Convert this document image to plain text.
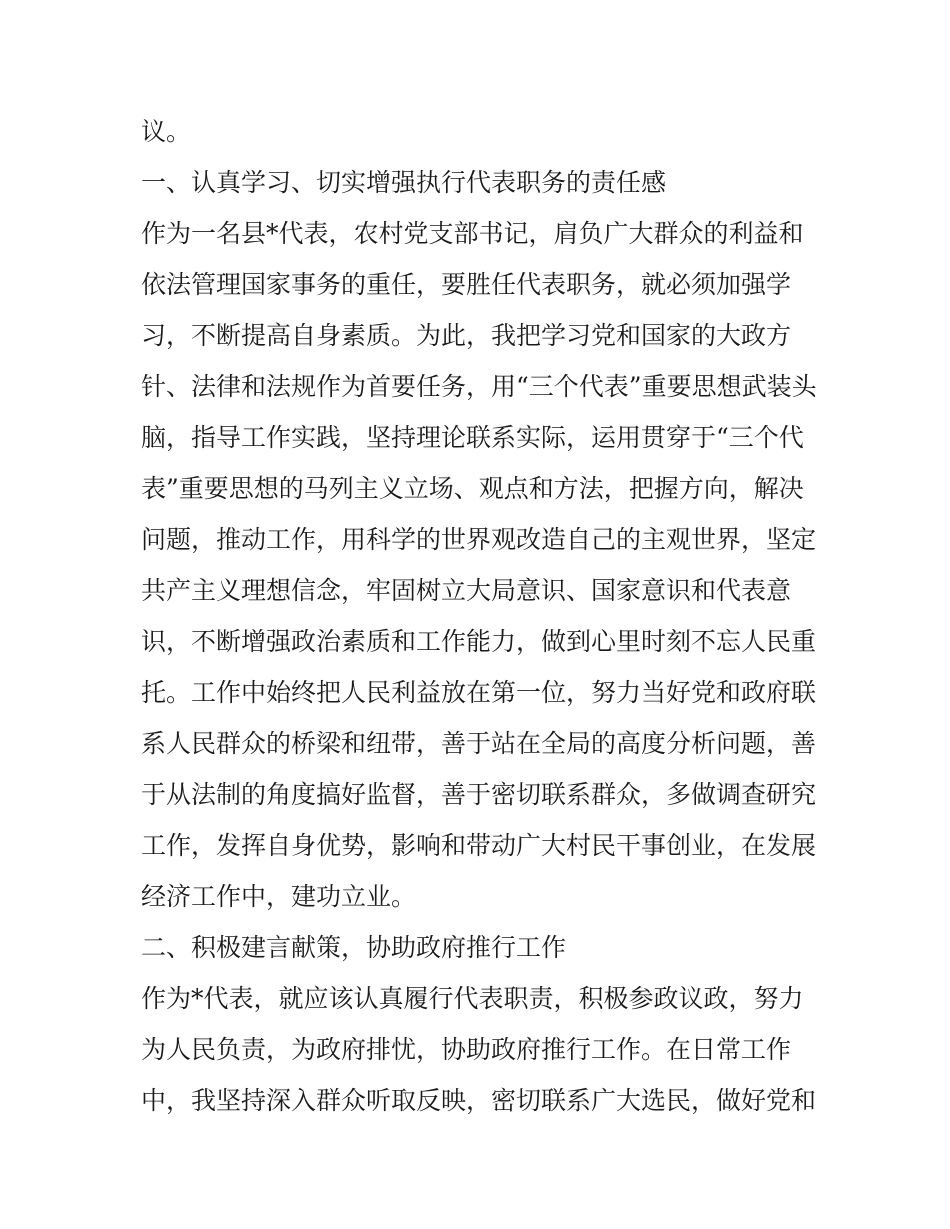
议。
一、认真学习、切实增强执行代表职务的责任感
作为一名县*代表，农村党支部书记，肩负广大群众的利益和
依法管理国家事务的重任，要胜任代表职务，就必须加强学
习，不断提高自身素质。为此，我把学习党和国家的大政方
针、法律和法规作为首要任务，用“三个代表”重要思想武装头
脑，指导工作实践，坚持理论联系实际，运用贯穿于“三个代
表”重要思想的马列主义立场、观点和方法，把握方向，解决
问题，推动工作，用科学的世界观改造自己的主观世界，坚定
共产主义理想信念，牢固树立大局意识、国家意识和代表意
识，不断增强政治素质和工作能力，做到心里时刻不忘人民重
托。工作中始终把人民利益放在第一位，努力当好党和政府联
系人民群众的桥梁和纽带，善于站在全局的高度分析问题，善
于从法制的角度搞好监督，善于密切联系群众，多做调查研究
工作，发挥自身优势，影响和带动广大村民干事创业，在发展
经济工作中，建功立业。
二、积极建言献策，协助政府推行工作
作为*代表，就应该认真履行代表职责，积极参政议政，努力
为人民负责，为政府排忧，协助政府推行工作。在日常工作
中，我坚持深入群众听取反映，密切联系广大选民，做好党和
